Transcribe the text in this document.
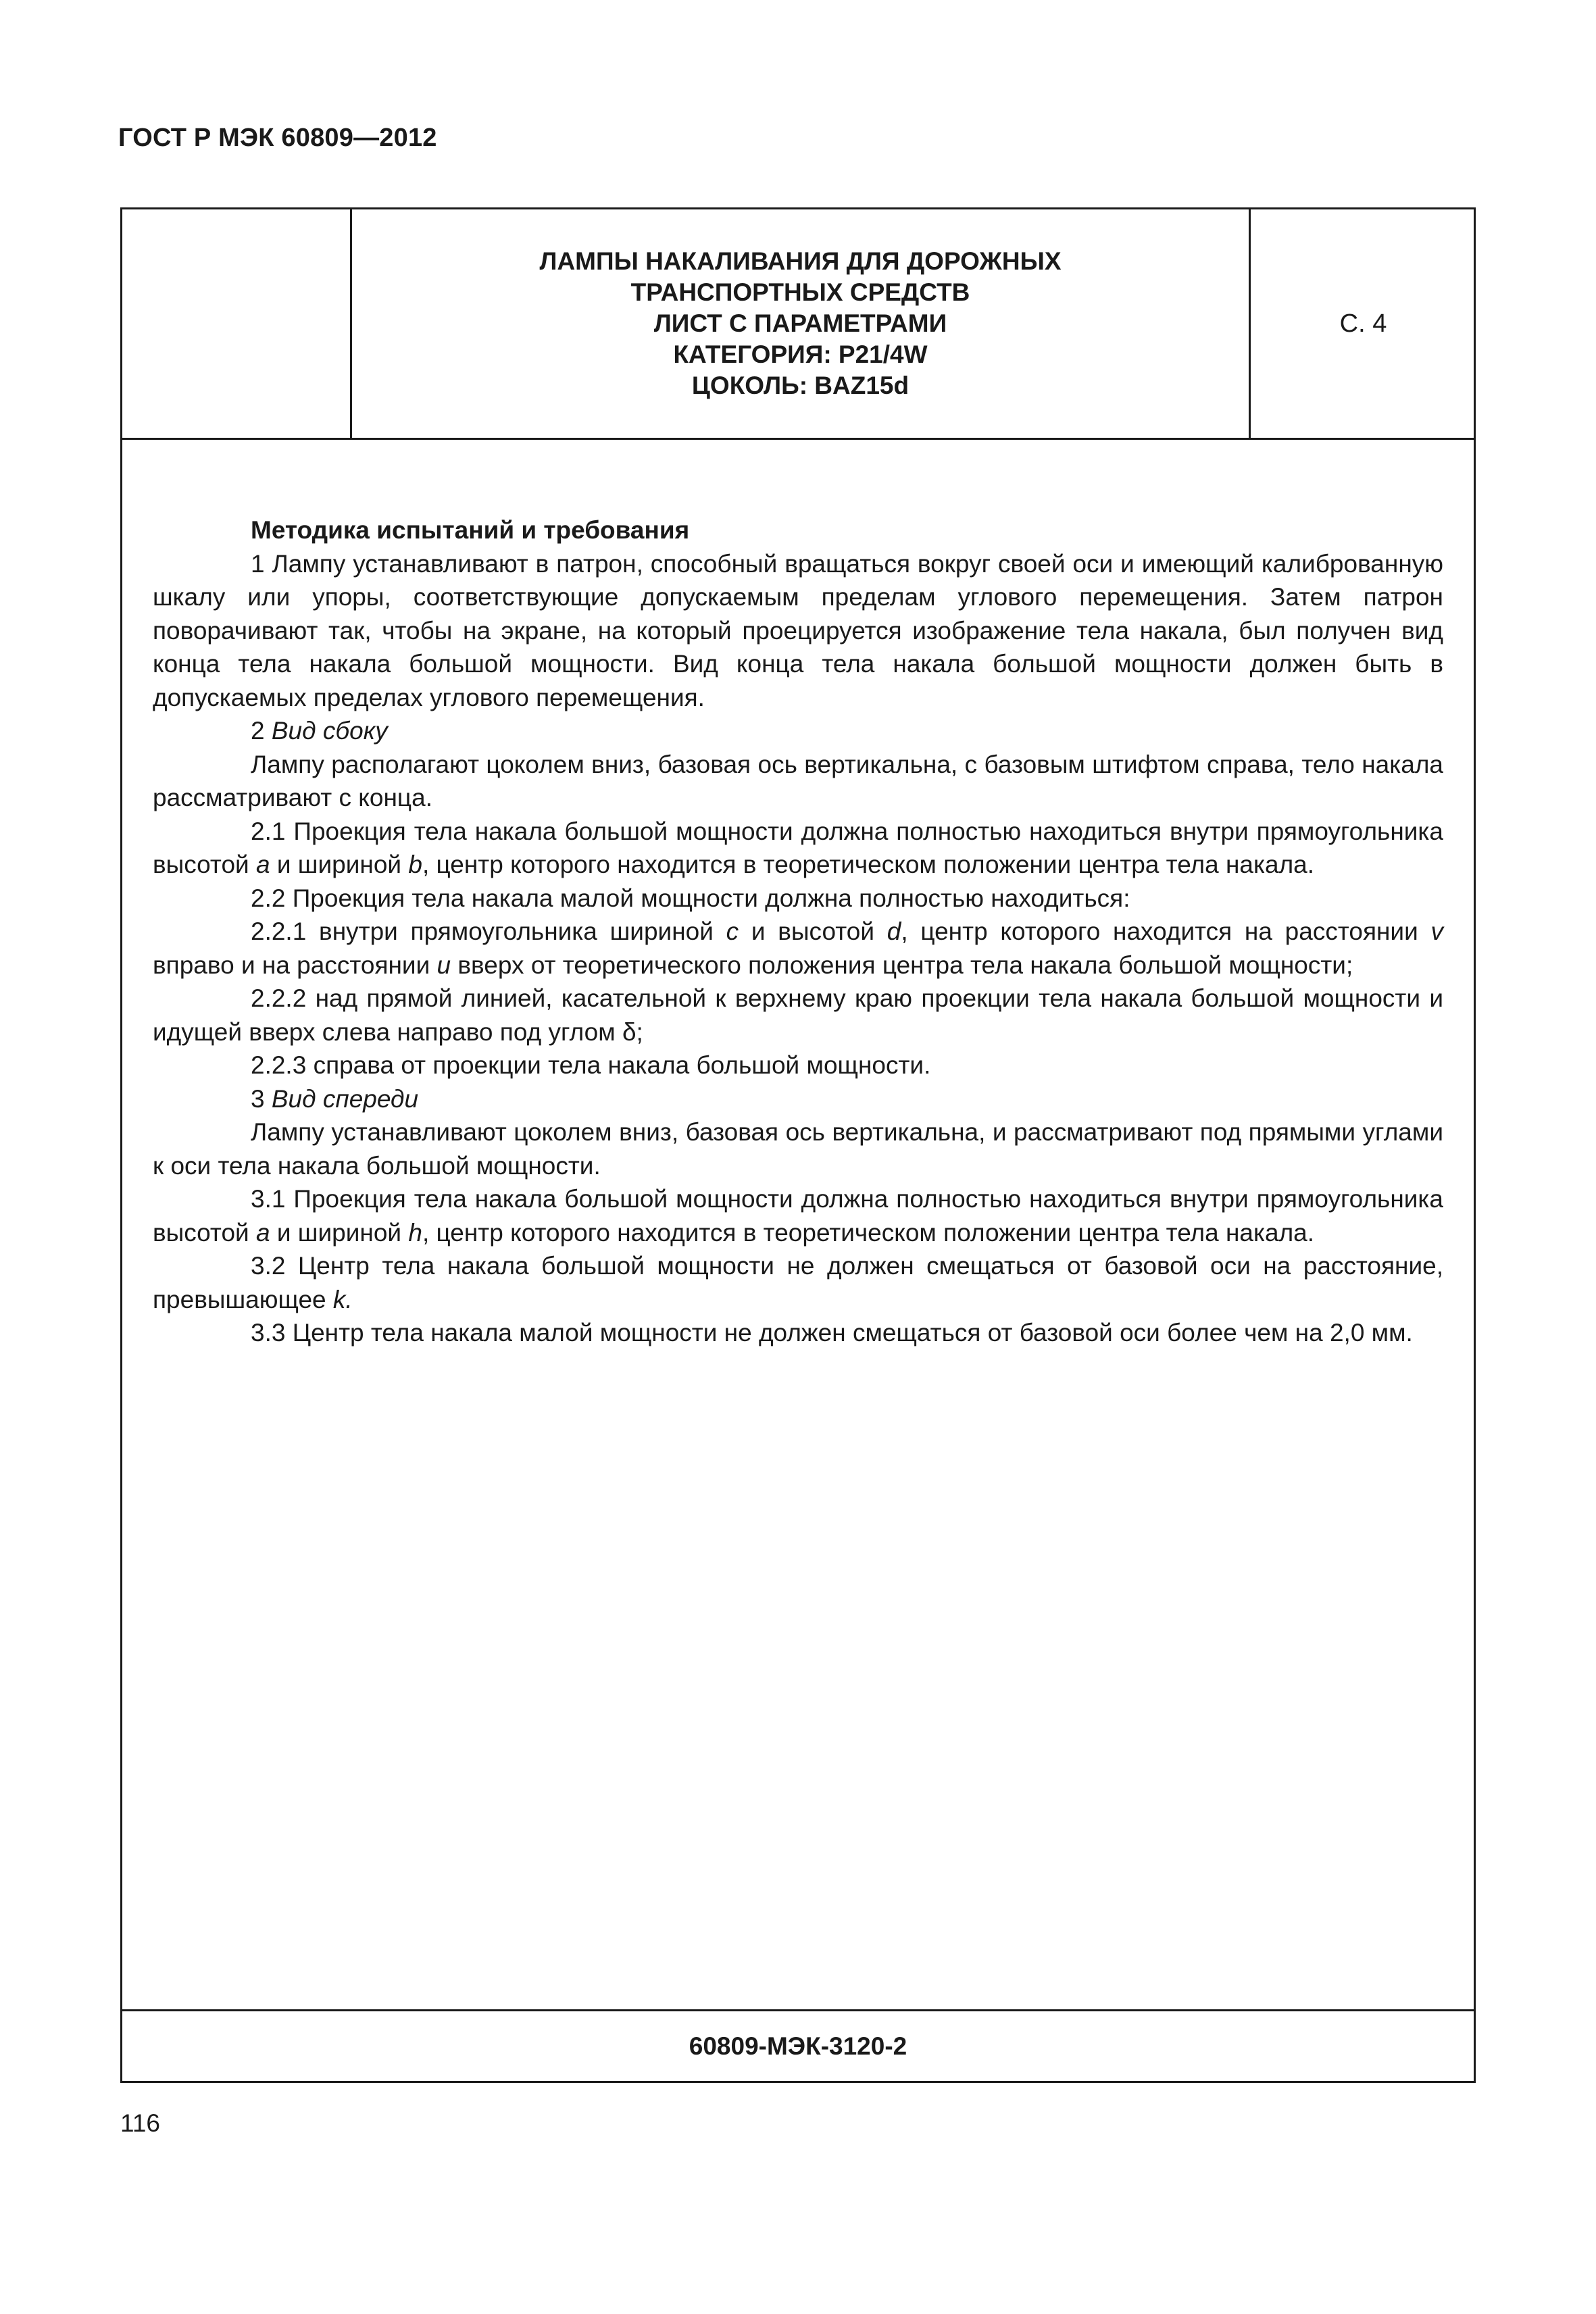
ГОСТ Р МЭК 60809—2012
ЛАМПЫ НАКАЛИВАНИЯ ДЛЯ ДОРОЖНЫХ
ТРАНСПОРТНЫХ СРЕДСТВ
ЛИСТ С ПАРАМЕТРАМИ
КАТЕГОРИЯ: Р21/4W
ЦОКОЛЬ: BAZ15d
С. 4

Методика испытаний и требования

1 Лампу устанавливают в патрон, способный вращаться вокруг своей оси и имеющий калиброванную шкалу или упоры, соответствующие допускаемым пределам углового перемещения. Затем патрон поворачивают так, чтобы на экране, на который проецируется изображение тела накала, был получен вид конца тела накала большой мощности. Вид конца тела накала большой мощности должен быть в допускаемых пределах углового перемещения.

2 Вид сбоку

Лампу располагают цоколем вниз, базовая ось вертикальна, с базовым штифтом справа, тело накала рассматривают с конца.

2.1 Проекция тела накала большой мощности должна полностью находиться внутри прямоугольника высотой a и шириной b, центр которого находится в теоретическом положении центра тела накала.

2.2 Проекция тела накала малой мощности должна полностью находиться:

2.2.1 внутри прямоугольника шириной c и высотой d, центр которого находится на расстоянии v вправо и на расстоянии u вверх от теоретического положения центра тела накала большой мощности;

2.2.2 над прямой линией, касательной к верхнему краю проекции тела накала большой мощности и идущей вверх слева направо под углом δ;

2.2.3 справа от проекции тела накала большой мощности.

3 Вид спереди

Лампу устанавливают цоколем вниз, базовая ось вертикальна, и рассматривают под прямыми углами к оси тела накала большой мощности.

3.1 Проекция тела накала большой мощности должна полностью находиться внутри прямоугольника высотой a и шириной h, центр которого находится в теоретическом положении центра тела накала.

3.2 Центр тела накала большой мощности не должен смещаться от базовой оси на расстояние, превышающее k.

3.3 Центр тела накала малой мощности не должен смещаться от базовой оси более чем на 2,0 мм.

60809-МЭК-3120-2
116
